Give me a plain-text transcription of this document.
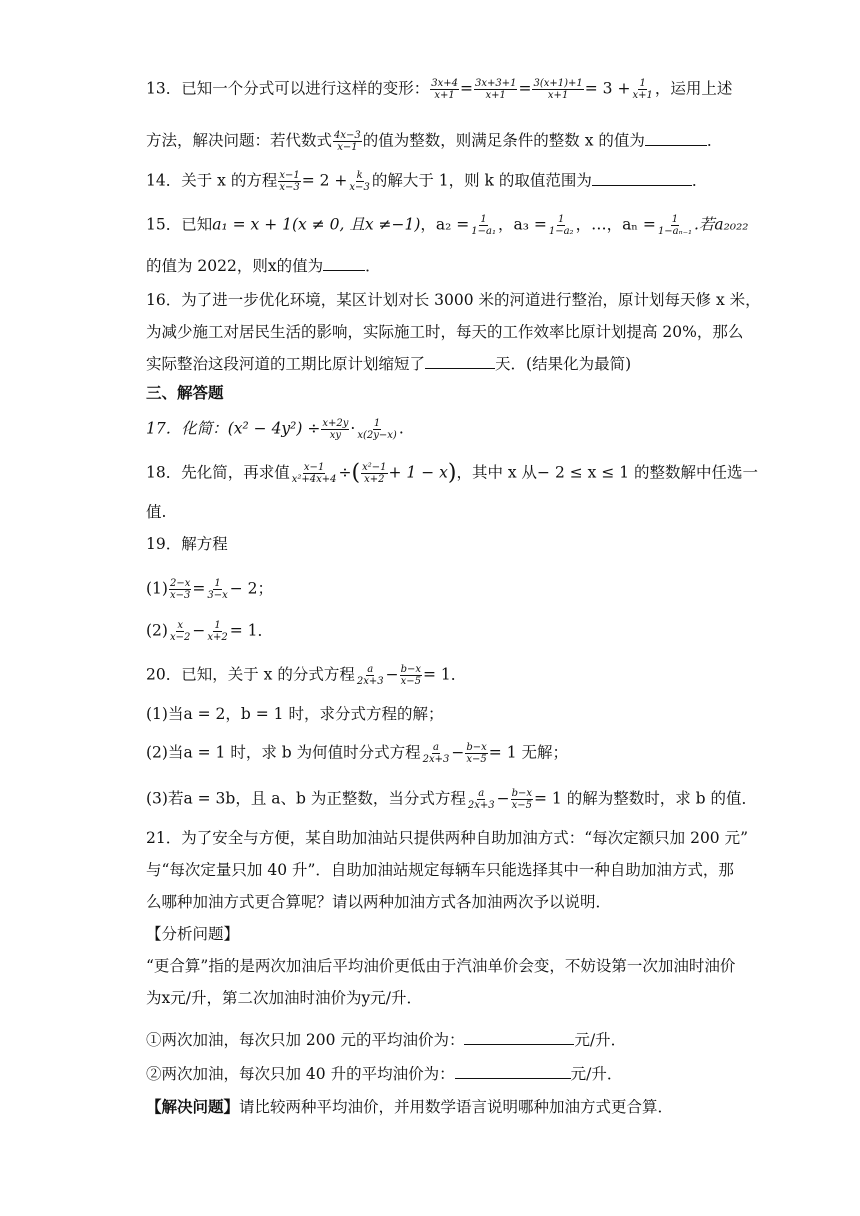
13．已知一个分式可以进行这样的变形： $\frac{3x+4}{x+1} = \frac{3x+3+1}{x+1} = \frac{3(x+1)+1}{x+1} = 3 + \frac{1}{x+1}$ ，运用上述
方法，解决问题：若代数式 $\frac{4x-3}{x-1}$ 的值为整数，则满足条件的整数 x 的值为	．
14．关于 x 的方程 $\frac{x-1}{x-3} = 2 + \frac{k}{x-3}$ 的解大于 1，则 k 的取值范围为	．
15．已知a₁ = x + 1(x ≠ 0, 且x ≠−1)，$a_2 = \frac{1}{\text{1−a₁}}$ ，$a_3 = \frac{1}{\text{1−a₂}}$ ，…，$a_n = \frac{1}{\text{1−aₙ₋₁}}$ .若a₂₀₂₂
的值为 2022，则x的值为	．
16．为了进一步优化环境，某区计划对长 3000 米的河道进行整治，原计划每天修 x 米，
为减少施工对居民生活的影响，实际施工时，每天的工作效率比原计划提高 20%，那么
实际整治这段河道的工期比原计划缩短了	天．(结果化为最简)
三、解答题
17．化简：$(x^2 - 4y^2) \div \frac{x+2y}{xy} \cdot \frac{1}{x(2y-x)}$ .
18．先化简，再求值 $\frac{x-1}{\text{x²+4x+4}}$ ÷( $\frac{\text{x²−1}}{x+2} + 1 - x$)，其中 x 从− 2 ≤ x ≤ 1 的整数解中任选一
值.
19．解方程
$(1) \frac{2-x}{x-3} = \frac{1}{3-x} - 2$；
$(2) \frac{x}{x-2} - \frac{1}{x+2} = 1$．
20．已知，关于 x 的分式方程 $\frac{a}{2x+3} - \frac{b-x}{x-5} = 1$．
(1)当a = 2，b = 1 时，求分式方程的解；
(2)当a = 1 时，求 b 为何值时分式方程 $\frac{a}{2x+3} - \frac{b-x}{x-5} = 1$ 无解；
(3)若a = 3b，且 a、b 为正整数，当分式方程 $\frac{a}{2x+3} - \frac{b-x}{x-5} = 1$ 的解为整数时，求 b 的值．
21．为了安全与方便，某自助加油站只提供两种自助加油方式：“每次定额只加 200 元”
与“每次定量只加 40 升”．自助加油站规定每辆车只能选择其中一种自助加油方式，那
么哪种加油方式更合算呢？请以两种加油方式各加油两次予以说明．
【分析问题】
“更合算”指的是两次加油后平均油价更低由于汽油单价会变，不妨设第一次加油时油价
为x元/升，第二次加油时油价为y元/升．
①两次加油，每次只加 200 元的平均油价为：	元/升．
②两次加油，每次只加 40 升的平均油价为：	元/升．
【解决问题】请比较两种平均油价，并用数学语言说明哪种加油方式更合算．
